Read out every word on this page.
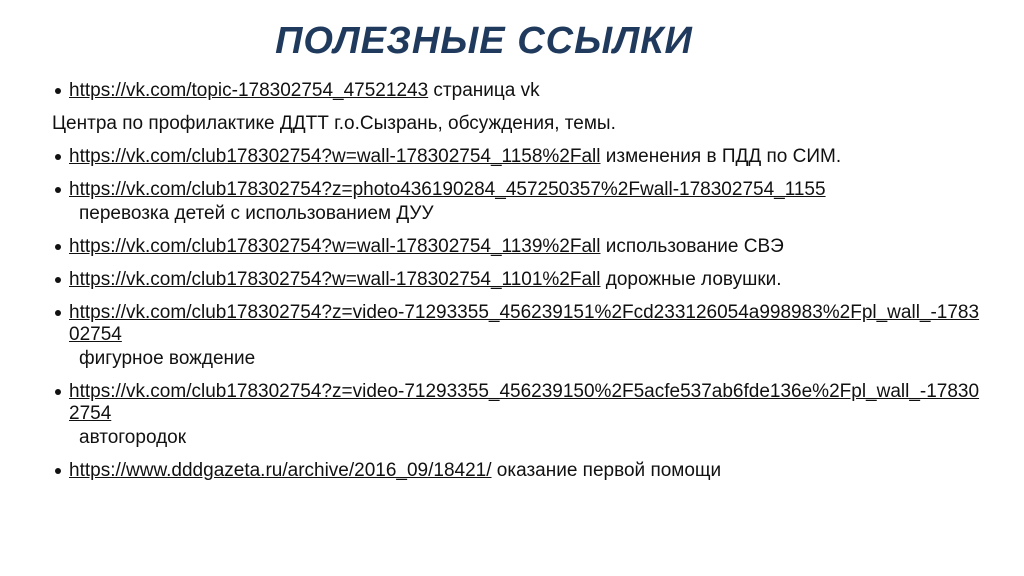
ПОЛЕЗНЫЕ ССЫЛКИ
https://vk.com/topic-178302754_47521243 страница vk
Центра по профилактике ДДТТ г.о.Сызрань, обсуждения, темы.
https://vk.com/club178302754?w=wall-178302754_1158%2Fall изменения в ПДД по СИМ.
https://vk.com/club178302754?z=photo436190284_457250357%2Fwall-178302754_1155
перевозка детей с использованием ДУУ
https://vk.com/club178302754?w=wall-178302754_1139%2Fall использование СВЭ
https://vk.com/club178302754?w=wall-178302754_1101%2Fall дорожные ловушки.
https://vk.com/club178302754?z=video-71293355_456239151%2Fcd233126054a998983%2Fpl_wall_-178302754
фигурное вождение
https://vk.com/club178302754?z=video-71293355_456239150%2F5acfe537ab6fde136e%2Fpl_wall_-178302754
автогородок
https://www.dddgazeta.ru/archive/2016_09/18421/ оказание первой помощи
